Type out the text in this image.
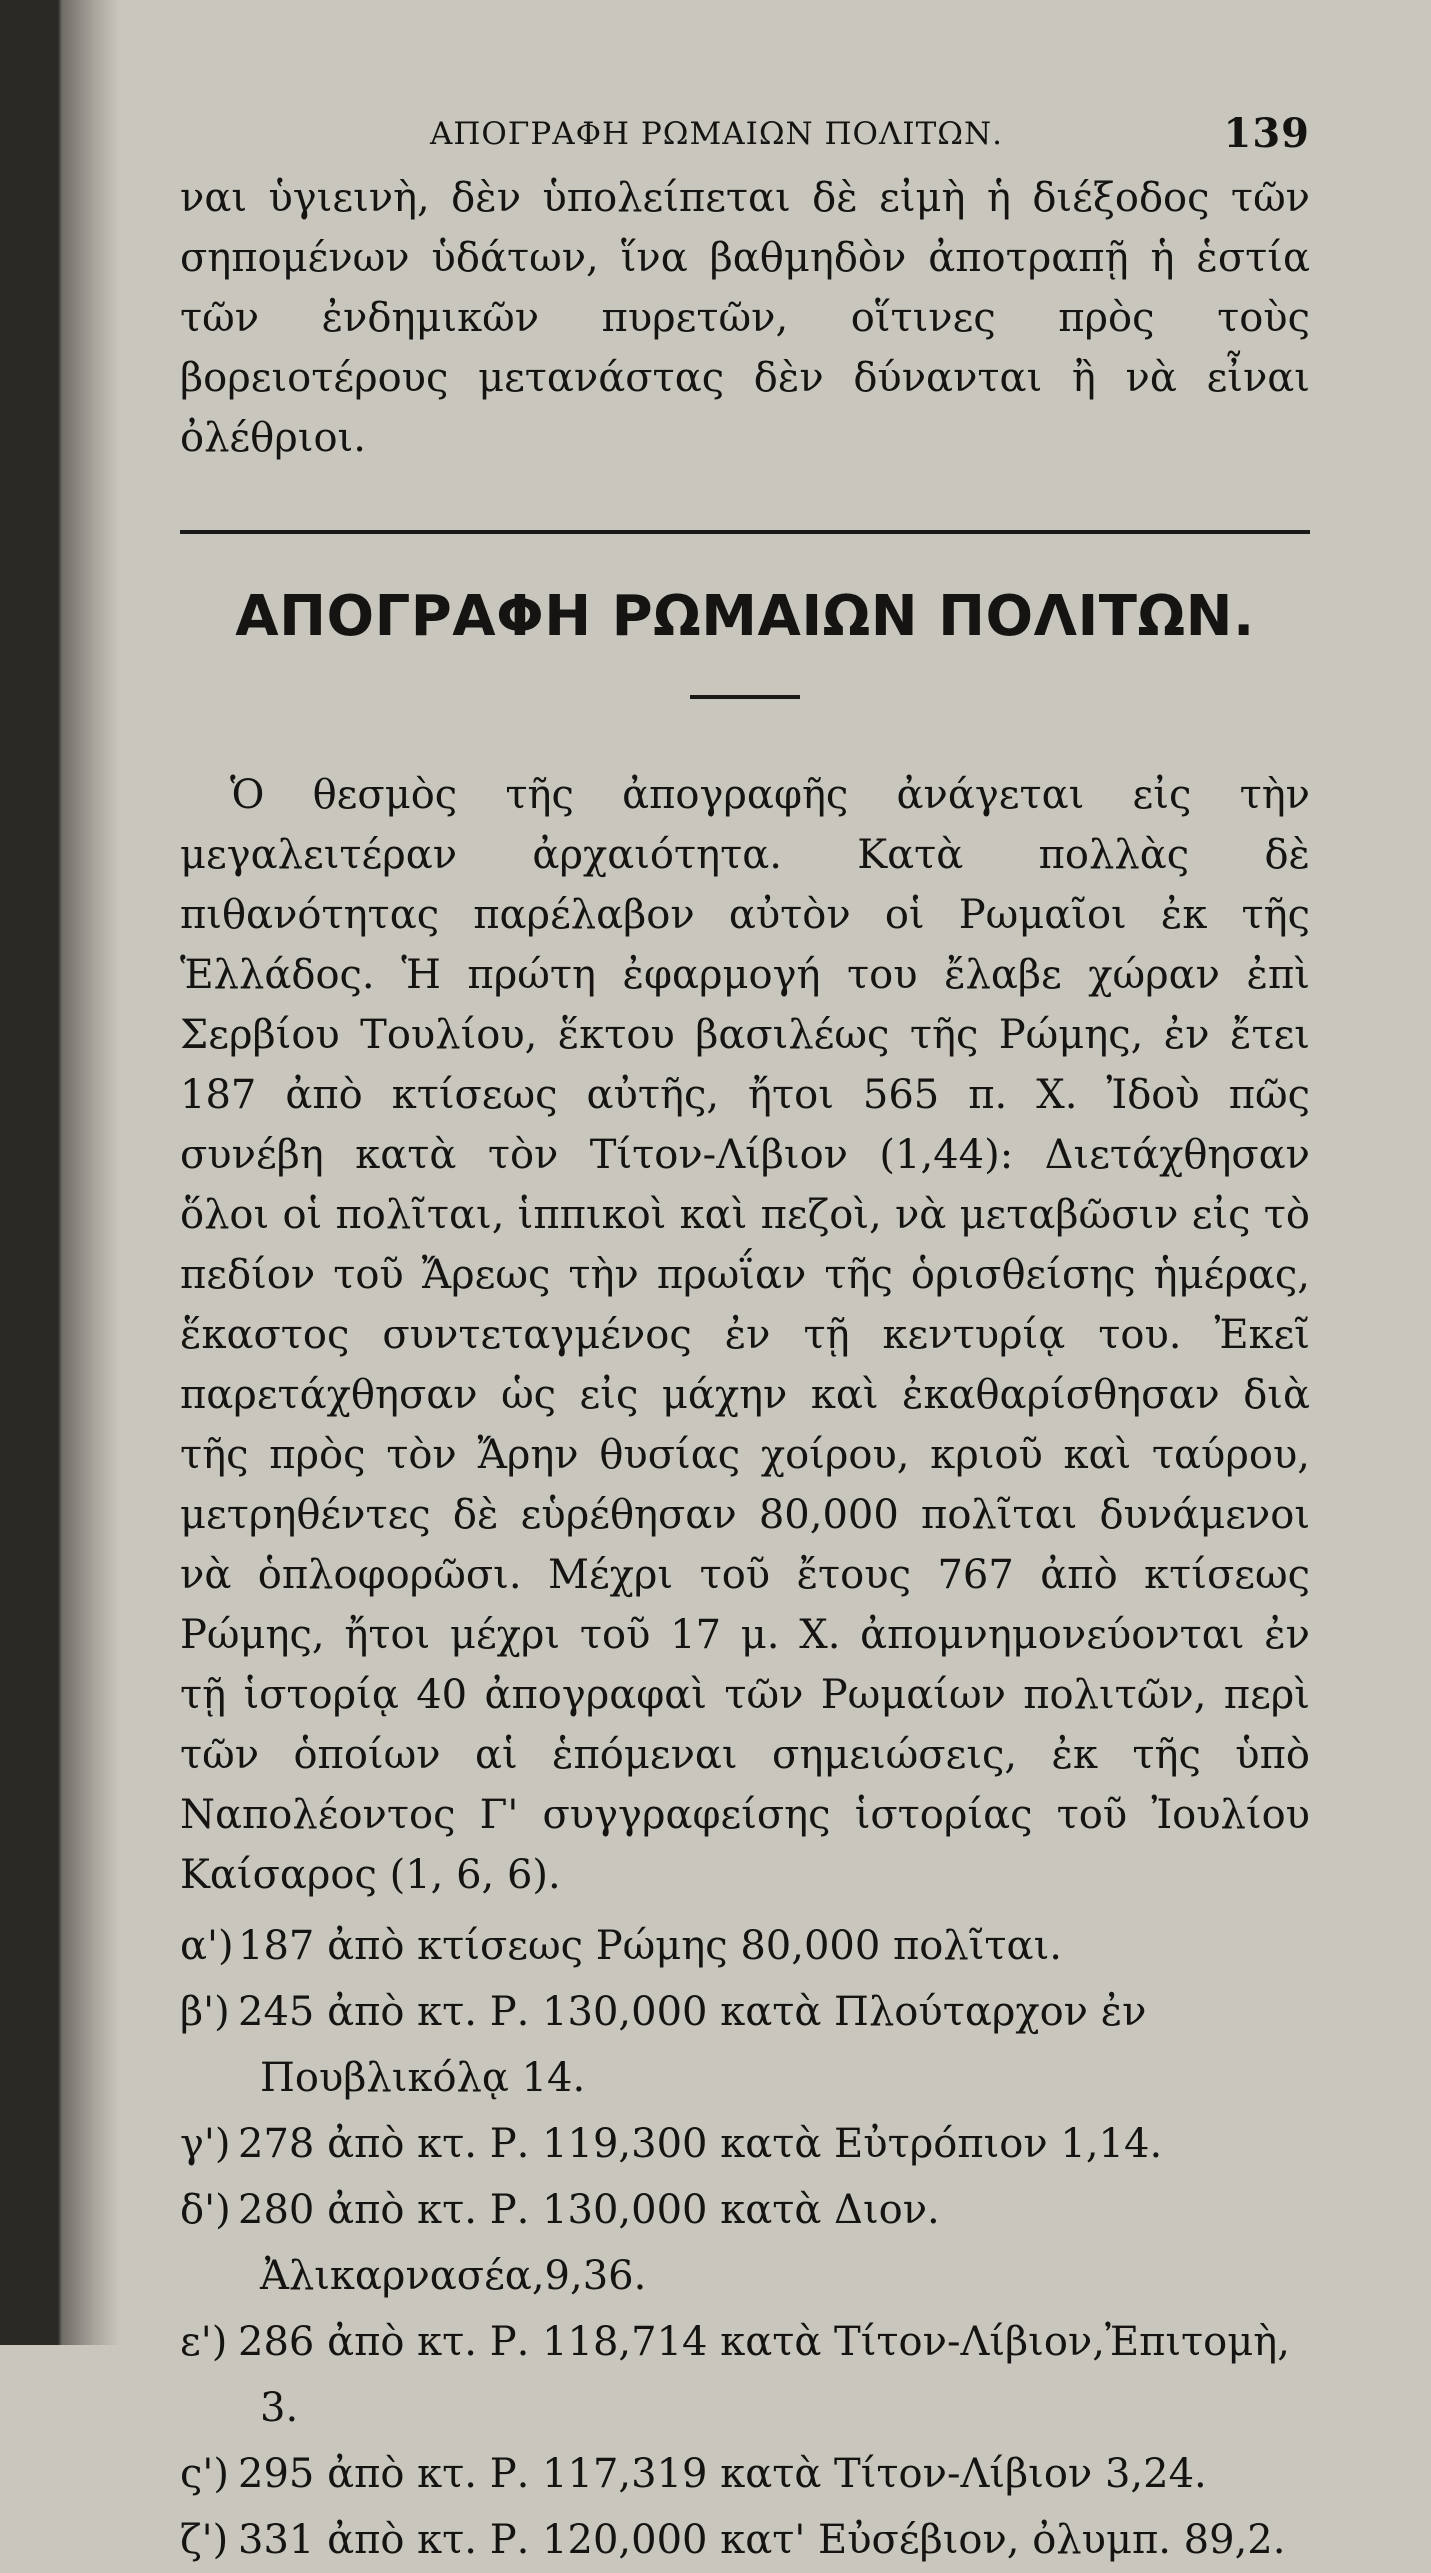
ΑΠΟΓΡΑΦΗ ΡΩΜΑΙΩΝ ΠΟΛΙΤΩΝ.	139

ναι ὑγιεινὴ, δὲν ὑπολείπεται δὲ εἰμὴ ἡ διέξοδος τῶν σηπομένων ὑδάτων, ἵνα βαθμηδὸν ἀποτραπῇ ἡ ἑστία τῶν ἐνδημικῶν πυρετῶν, οἵτινες πρὸς τοὺς βορειοτέρους μετανάστας δὲν δύνανται ἢ νὰ εἶναι ὀλέθριοι.

ΑΠΟΓΡΑΦΗ ΡΩΜΑΙΩΝ ΠΟΛΙΤΩΝ.

Ὁ θεσμὸς τῆς ἀπογραφῆς ἀνάγεται εἰς τὴν μεγαλειτέραν ἀρχαιότητα. Κατὰ πολλὰς δὲ πιθανότητας παρέλαβον αὐτὸν οἱ Ρωμαῖοι ἐκ τῆς Ἑλλάδος. Ἡ πρώτη ἐφαρμογή του ἔλαβε χώραν ἐπὶ Σερβίου Τουλίου, ἕκτου βασιλέως τῆς Ρώμης, ἐν ἔτει 187 ἀπὸ κτίσεως αὐτῆς, ἤτοι 565 π. Χ. Ἰδοὺ πῶς συνέβη κατὰ τὸν Τίτον-Λίβιον (1,44): Διετάχθησαν ὅλοι οἱ πολῖται, ἱππικοὶ καὶ πεζοὶ, νὰ μεταβῶσιν εἰς τὸ πεδίον τοῦ Ἄρεως τὴν πρωΐαν τῆς ὁρισθείσης ἡμέρας, ἕκαστος συντεταγμένος ἐν τῇ κεντυρίᾳ του. Ἐκεῖ παρετάχθησαν ὡς εἰς μάχην καὶ ἐκαθαρίσθησαν διὰ τῆς πρὸς τὸν Ἄρην θυσίας χοίρου, κριοῦ καὶ ταύρου, μετρηθέντες δὲ εὑρέθησαν 80,000 πολῖται δυνάμενοι νὰ ὁπλοφορῶσι. Μέχρι τοῦ ἔτους 767 ἀπὸ κτίσεως Ρώμης, ἤτοι μέχρι τοῦ 17 μ. Χ. ἀπομνημονεύονται ἐν τῇ ἱστορίᾳ 40 ἀπογραφαὶ τῶν Ρωμαίων πολιτῶν, περὶ τῶν ὁποίων αἱ ἑπόμεναι σημειώσεις, ἐκ τῆς ὑπὸ Ναπολέοντος Γ' συγγραφείσης ἱστορίας τοῦ Ἰουλίου Καίσαρος (1, 6, 6).

α') 187 ἀπὸ κτίσεως Ρώμης 80,000 πολῖται.
β') 245 ἀπὸ κτ. Ρ. 130,000 κατὰ Πλούταρχον ἐν Πουβλικόλᾳ 14.
γ') 278 ἀπὸ κτ. Ρ. 119,300 κατὰ Εὐτρόπιον 1,14.
δ') 280 ἀπὸ κτ. Ρ. 130,000 κατὰ Διον. Ἀλικαρνασέα,9,36.
ε') 286 ἀπὸ κτ. Ρ. 118,714 κατὰ Τίτον-Λίβιον,Ἐπιτομὴ, 3.
ς') 295 ἀπὸ κτ. Ρ. 117,319 κατὰ Τίτον-Λίβιον 3,24.
ζ') 331 ἀπὸ κτ. Ρ. 120,000 κατ' Εὐσέβιον, ὀλυμπ. 89,2.
